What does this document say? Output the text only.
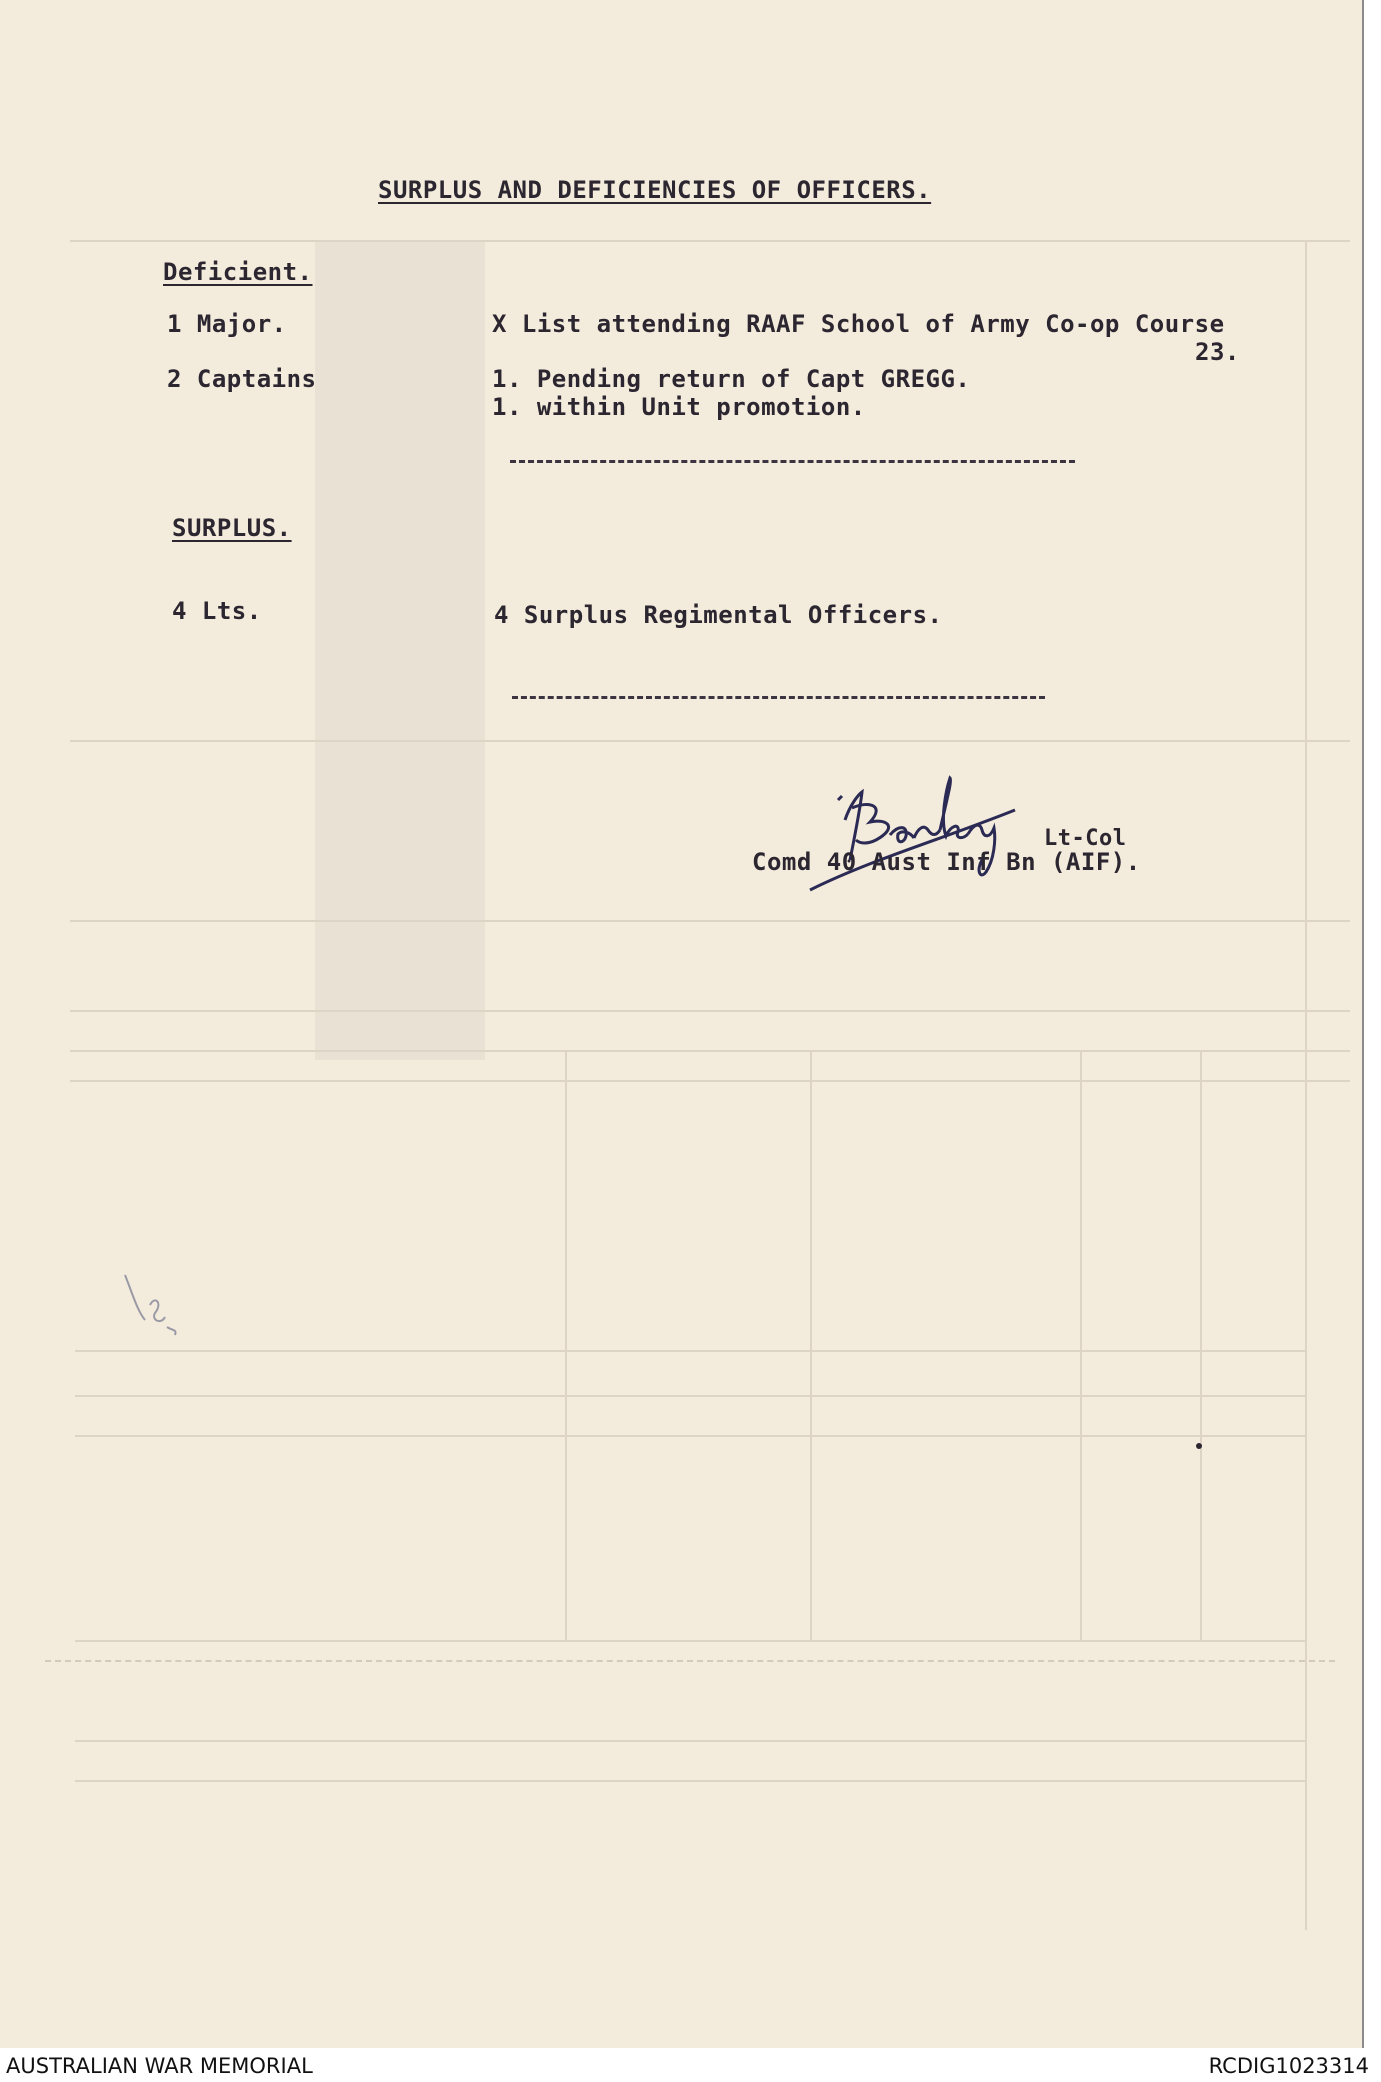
SURPLUS AND DEFICIENCIES OF OFFICERS.
Deficient.
1 Major.	X List attending RAAF School of Army Co-op Course
23.
2 Captains	1. Pending return of Capt GREGG.
1. within Unit promotion.
SURPLUS.
4 Lts.	4 Surplus Regimental Officers.
Lt-Col
Comd 40 Aust Inf Bn (AIF).
AUSTRALIAN WAR MEMORIAL	RCDIG1023314
